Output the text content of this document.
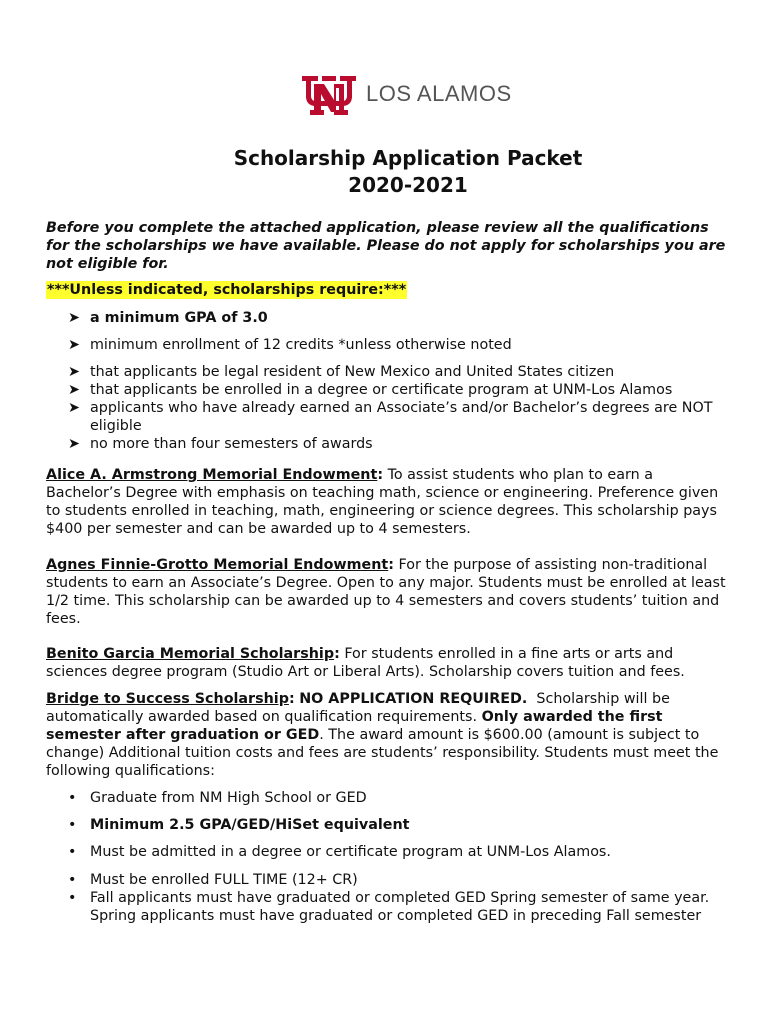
LOS ALAMOS
Scholarship Application Packet
2020-2021
Before you complete the attached application, please review all the qualifications for the scholarships we have available. Please do not apply for scholarships you are not eligible for.
***Unless indicated, scholarships require:***
➤ a minimum GPA of 3.0
➤ minimum enrollment of 12 credits *unless otherwise noted
➤ that applicants be legal resident of New Mexico and United States citizen
➤ that applicants be enrolled in a degree or certificate program at UNM-Los Alamos
➤ applicants who have already earned an Associate’s and/or Bachelor’s degrees are NOT eligible
➤ no more than four semesters of awards
Alice A. Armstrong Memorial Endowment: To assist students who plan to earn a Bachelor’s Degree with emphasis on teaching math, science or engineering. Preference given to students enrolled in teaching, math, engineering or science degrees. This scholarship pays $400 per semester and can be awarded up to 4 semesters.
Agnes Finnie-Grotto Memorial Endowment: For the purpose of assisting non-traditional students to earn an Associate’s Degree. Open to any major. Students must be enrolled at least 1/2 time. This scholarship can be awarded up to 4 semesters and covers students’ tuition and fees.
Benito Garcia Memorial Scholarship: For students enrolled in a fine arts or arts and sciences degree program (Studio Art or Liberal Arts). Scholarship covers tuition and fees.
Bridge to Success Scholarship: NO APPLICATION REQUIRED. Scholarship will be automatically awarded based on qualification requirements. Only awarded the first semester after graduation or GED. The award amount is $600.00 (amount is subject to change) Additional tuition costs and fees are students’ responsibility. Students must meet the following qualifications:
• Graduate from NM High School or GED
• Minimum 2.5 GPA/GED/HiSet equivalent
• Must be admitted in a degree or certificate program at UNM-Los Alamos.
• Must be enrolled FULL TIME (12+ CR)
• Fall applicants must have graduated or completed GED Spring semester of same year. Spring applicants must have graduated or completed GED in preceding Fall semester
